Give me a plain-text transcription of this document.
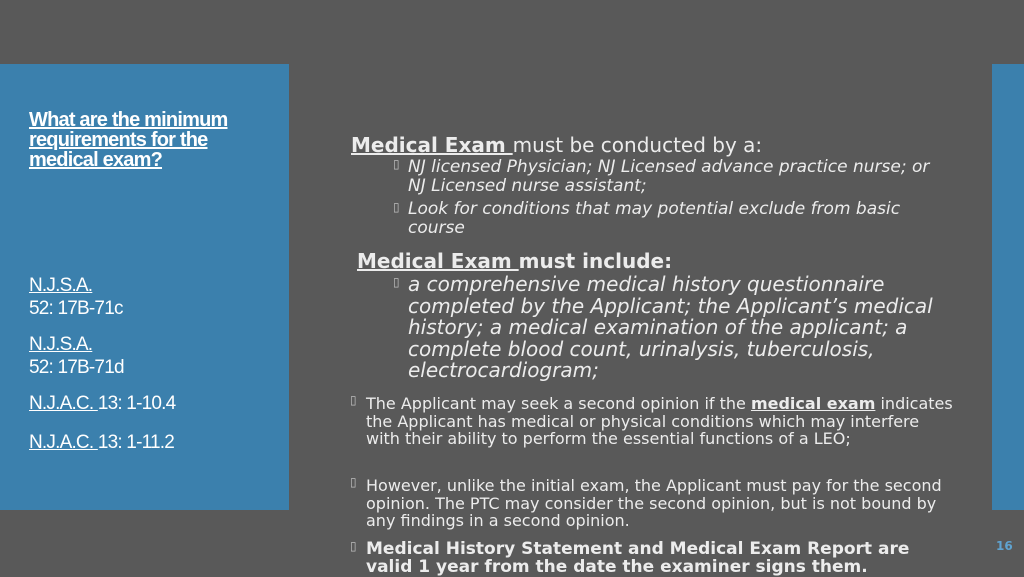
What are the minimum requirements for the medical exam?
N.J.S.A.
52: 17B-71c
N.J.S.A.
52: 17B-71d
N.J.A.C. 13: 1-10.4
N.J.A.C. 13: 1-11.2
16
Medical Exam must be conducted by a:
▯ NJ licensed Physician; NJ Licensed advance practice nurse; or NJ Licensed nurse assistant;
▯ Look for conditions that may potential exclude from basic course
Medical Exam must include:
▯ a comprehensive medical history questionnaire completed by the Applicant; the Applicant’s medical history; a medical examination of the applicant; a complete blood count, urinalysis, tuberculosis, electrocardiogram;
▯ The Applicant may seek a second opinion if the medical exam indicates the Applicant has medical or physical conditions which may interfere with their ability to perform the essential functions of a LEO;
▯ However, unlike the initial exam, the Applicant must pay for the second opinion. The PTC may consider the second opinion, but is not bound by any findings in a second opinion.
▯ Medical History Statement and Medical Exam Report are valid 1 year from the date the examiner signs them.
